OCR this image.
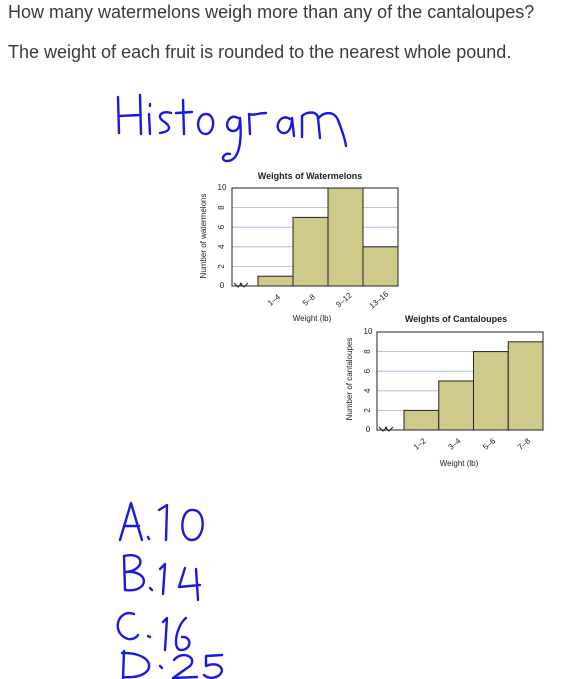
How many watermelons weigh more than any of the cantaloupes?
The weight of each fruit is rounded to the nearest whole pound.
Weights of Watermelons
Number of watermelons
Weight (lb)
0
2
4
6
8
10
1–4 5–8 9–12 13–16
Weights of Cantaloupes
Number of cantaloupes
Weight (lb)
0
2
4
6
8
10
1–2 3–4 5–6 7–8
